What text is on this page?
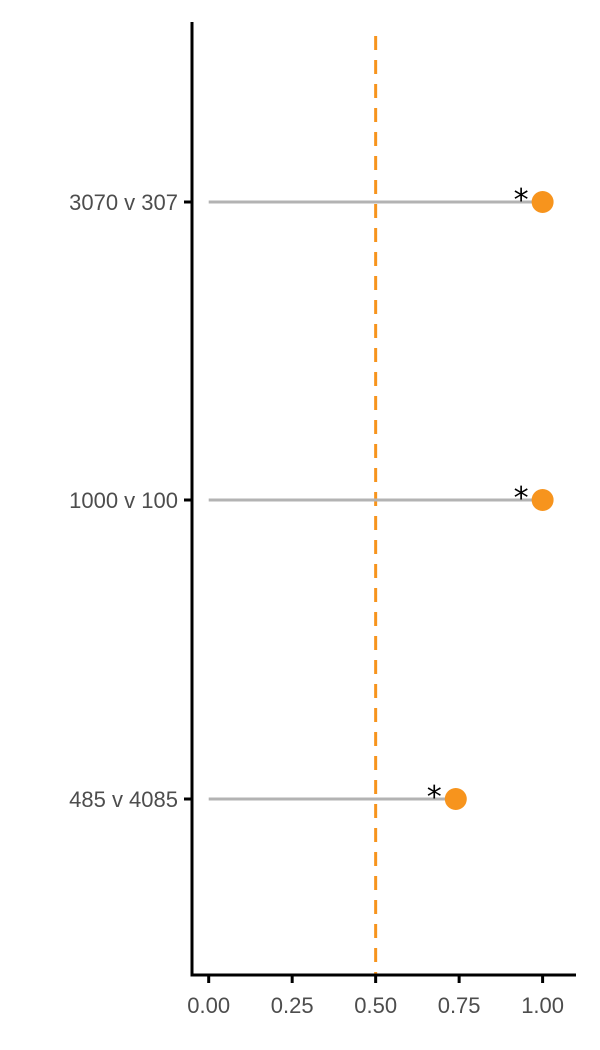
*
3070 v 307
*
1000 v 100
*
485 v 4085
0.00 0.25 0.50 0.75 1.00
